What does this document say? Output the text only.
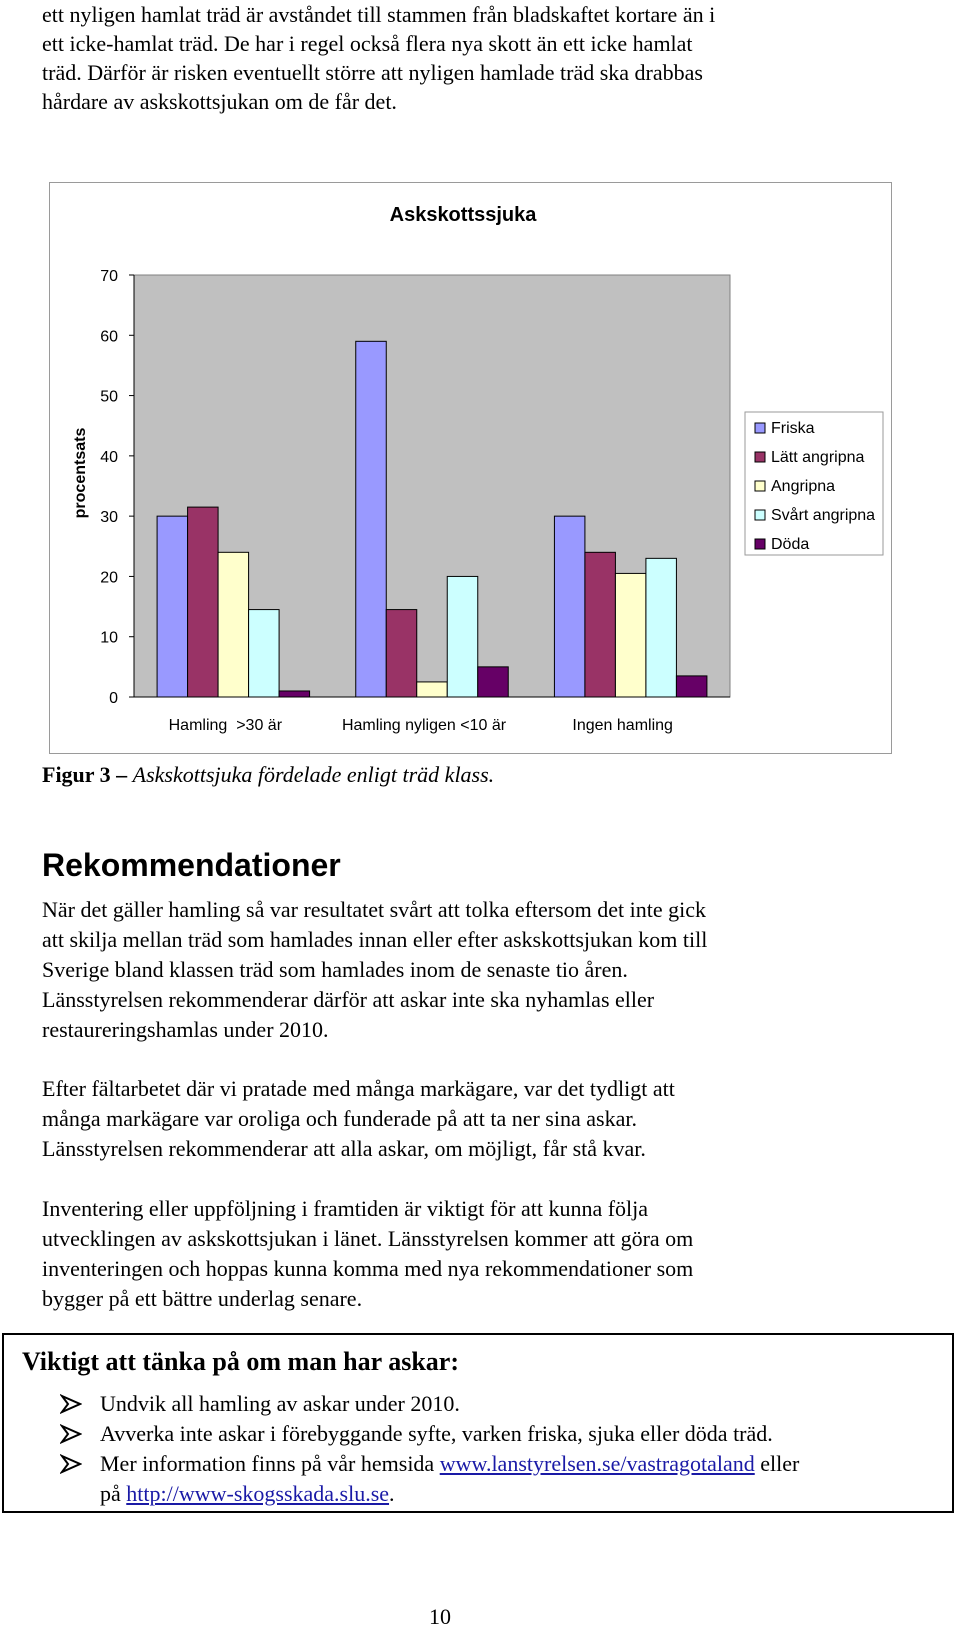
ett nyligen hamlat träd är avståndet till stammen från bladskaftet kortare än i
ett icke-hamlat träd. De har i regel också flera nya skott än ett icke hamlat
träd. Därför är risken eventuellt större att nyligen hamlade träd ska drabbas
hårdare av askskottsjukan om de får det.
Askskottssjuka
0
10
20
30
40
50
60
70
procentsats
Hamling  >30 är	Hamling nyligen <10 är	Ingen hamling
Friska
Lätt angripna
Angripna
Svårt angripna
Döda
Figur 3 – Askskottsjuka fördelade enligt träd klass.
Rekommendationer

När det gäller hamling så var resultatet svårt att tolka eftersom det inte gick
att skilja mellan träd som hamlades innan eller efter askskottsjukan kom till
Sverige bland klassen träd som hamlades inom de senaste tio åren.
Länsstyrelsen rekommenderar därför att askar inte ska nyhamlas eller
restaureringshamlas under 2010.

Efter fältarbetet där vi pratade med många markägare, var det tydligt att
många markägare var oroliga och funderade på att ta ner sina askar.
Länsstyrelsen rekommenderar att alla askar, om möjligt, får stå kvar.

Inventering eller uppföljning i framtiden är viktigt för att kunna följa
utvecklingen av askskottsjukan i länet. Länsstyrelsen kommer att göra om
inventeringen och hoppas kunna komma med nya rekommendationer som
bygger på ett bättre underlag senare.

Viktigt att tänka på om man har askar:
Undvik all hamling av askar under 2010.
Avverka inte askar i förebyggande syfte, varken friska, sjuka eller döda träd.
Mer information finns på vår hemsida www.lanstyrelsen.se/vastragotaland eller
på http://www-skogsskada.slu.se.
10
